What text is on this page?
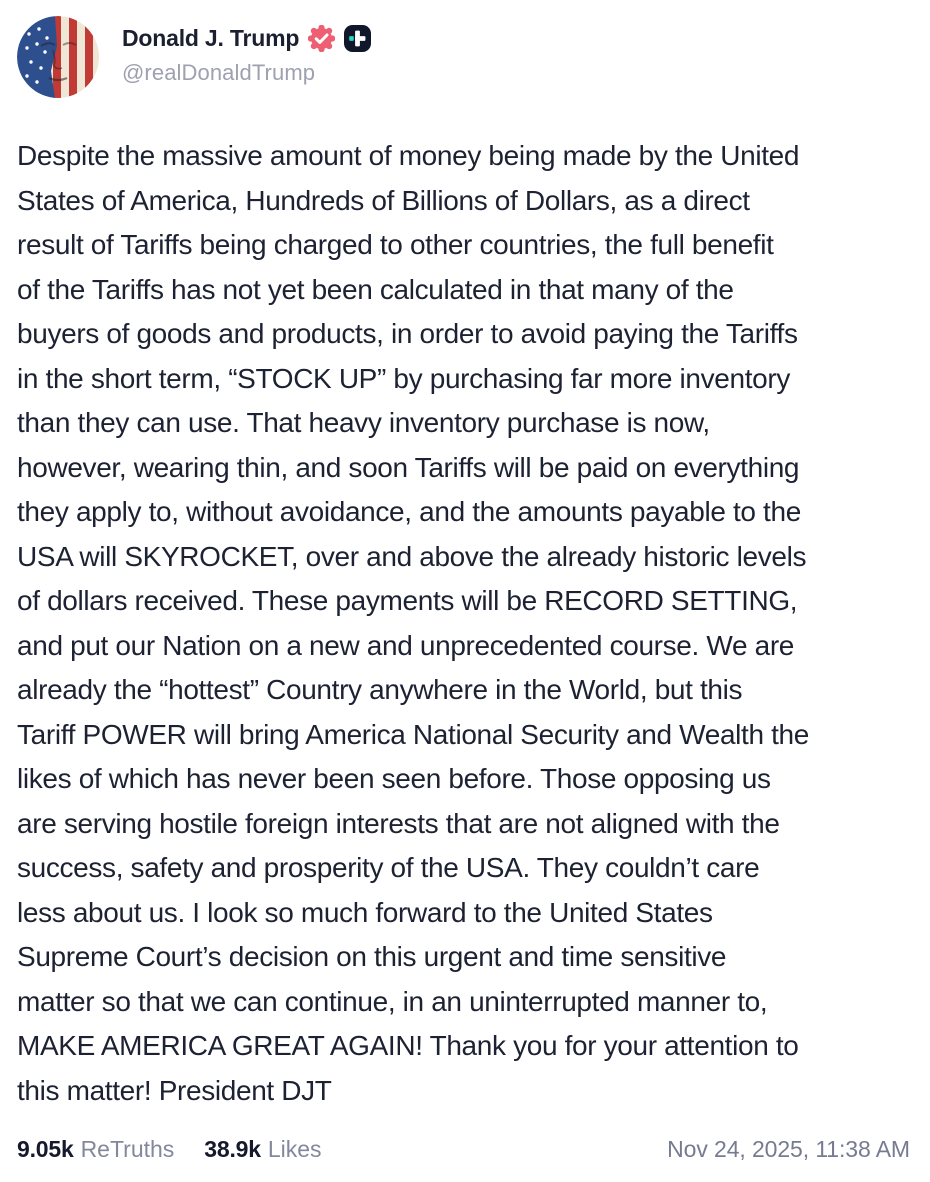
Donald J. Trump
@realDonaldTrump
Despite the massive amount of money being made by the United
States of America, Hundreds of Billions of Dollars, as a direct
result of Tariffs being charged to other countries, the full benefit
of the Tariffs has not yet been calculated in that many of the
buyers of goods and products, in order to avoid paying the Tariffs
in the short term, “STOCK UP” by purchasing far more inventory
than they can use. That heavy inventory purchase is now,
however, wearing thin, and soon Tariffs will be paid on everything
they apply to, without avoidance, and the amounts payable to the
USA will SKYROCKET, over and above the already historic levels
of dollars received. These payments will be RECORD SETTING,
and put our Nation on a new and unprecedented course. We are
already the “hottest” Country anywhere in the World, but this
Tariff POWER will bring America National Security and Wealth the
likes of which has never been seen before. Those opposing us
are serving hostile foreign interests that are not aligned with the
success, safety and prosperity of the USA. They couldn’t care
less about us. I look so much forward to the United States
Supreme Court’s decision on this urgent and time sensitive
matter so that we can continue, in an uninterrupted manner to,
MAKE AMERICA GREAT AGAIN! Thank you for your attention to
this matter! President DJT
9.05k ReTruths 38.9k Likes	Nov 24, 2025, 11:38 AM
